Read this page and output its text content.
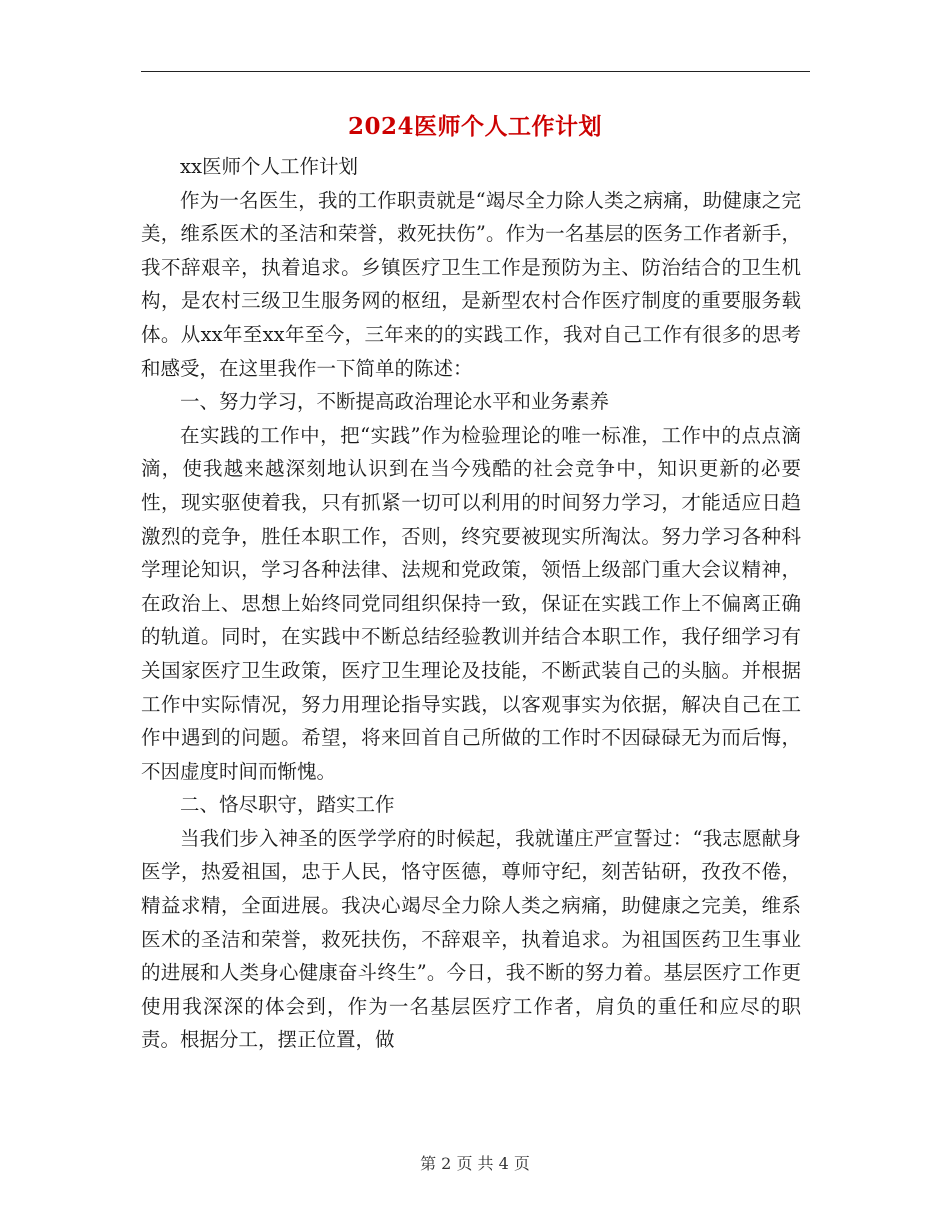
2024医师个人工作计划

xx医师个人工作计划

作为一名医生，我的工作职责就是“竭尽全力除人类之病痛，助健康之完美，维系医术的圣洁和荣誉，救死扶伤”。作为一名基层的医务工作者新手，我不辞艰辛，执着追求。乡镇医疗卫生工作是预防为主、防治结合的卫生机构，是农村三级卫生服务网的枢纽，是新型农村合作医疗制度的重要服务载体。从xx年至xx年至今，三年来的的实践工作，我对自己工作有很多的思考和感受，在这里我作一下简单的陈述：

一、努力学习，不断提高政治理论水平和业务素养

在实践的工作中，把“实践”作为检验理论的唯一标准，工作中的点点滴滴，使我越来越深刻地认识到在当今残酷的社会竞争中，知识更新的必要性，现实驱使着我，只有抓紧一切可以利用的时间努力学习，才能适应日趋激烈的竞争，胜任本职工作，否则，终究要被现实所淘汰。努力学习各种科学理论知识，学习各种法律、法规和党政策，领悟上级部门重大会议精神，在政治上、思想上始终同党同组织保持一致，保证在实践工作上不偏离正确的轨道。同时，在实践中不断总结经验教训并结合本职工作，我仔细学习有关国家医疗卫生政策，医疗卫生理论及技能，不断武装自己的头脑。并根据工作中实际情况，努力用理论指导实践，以客观事实为依据，解决自己在工作中遇到的问题。希望，将来回首自己所做的工作时不因碌碌无为而后悔，不因虚度时间而惭愧。

二、恪尽职守，踏实工作

当我们步入神圣的医学学府的时候起，我就谨庄严宣誓过：“我志愿献身医学，热爱祖国，忠于人民，恪守医德，尊师守纪，刻苦钻研，孜孜不倦，精益求精，全面进展。我决心竭尽全力除人类之病痛，助健康之完美，维系医术的圣洁和荣誉，救死扶伤，不辞艰辛，执着追求。为祖国医药卫生事业的进展和人类身心健康奋斗终生”。今日，我不断的努力着。基层医疗工作更使用我深深的体会到，作为一名基层医疗工作者，肩负的重任和应尽的职责。根据分工，摆正位置，做

第 2 页 共 4 页
